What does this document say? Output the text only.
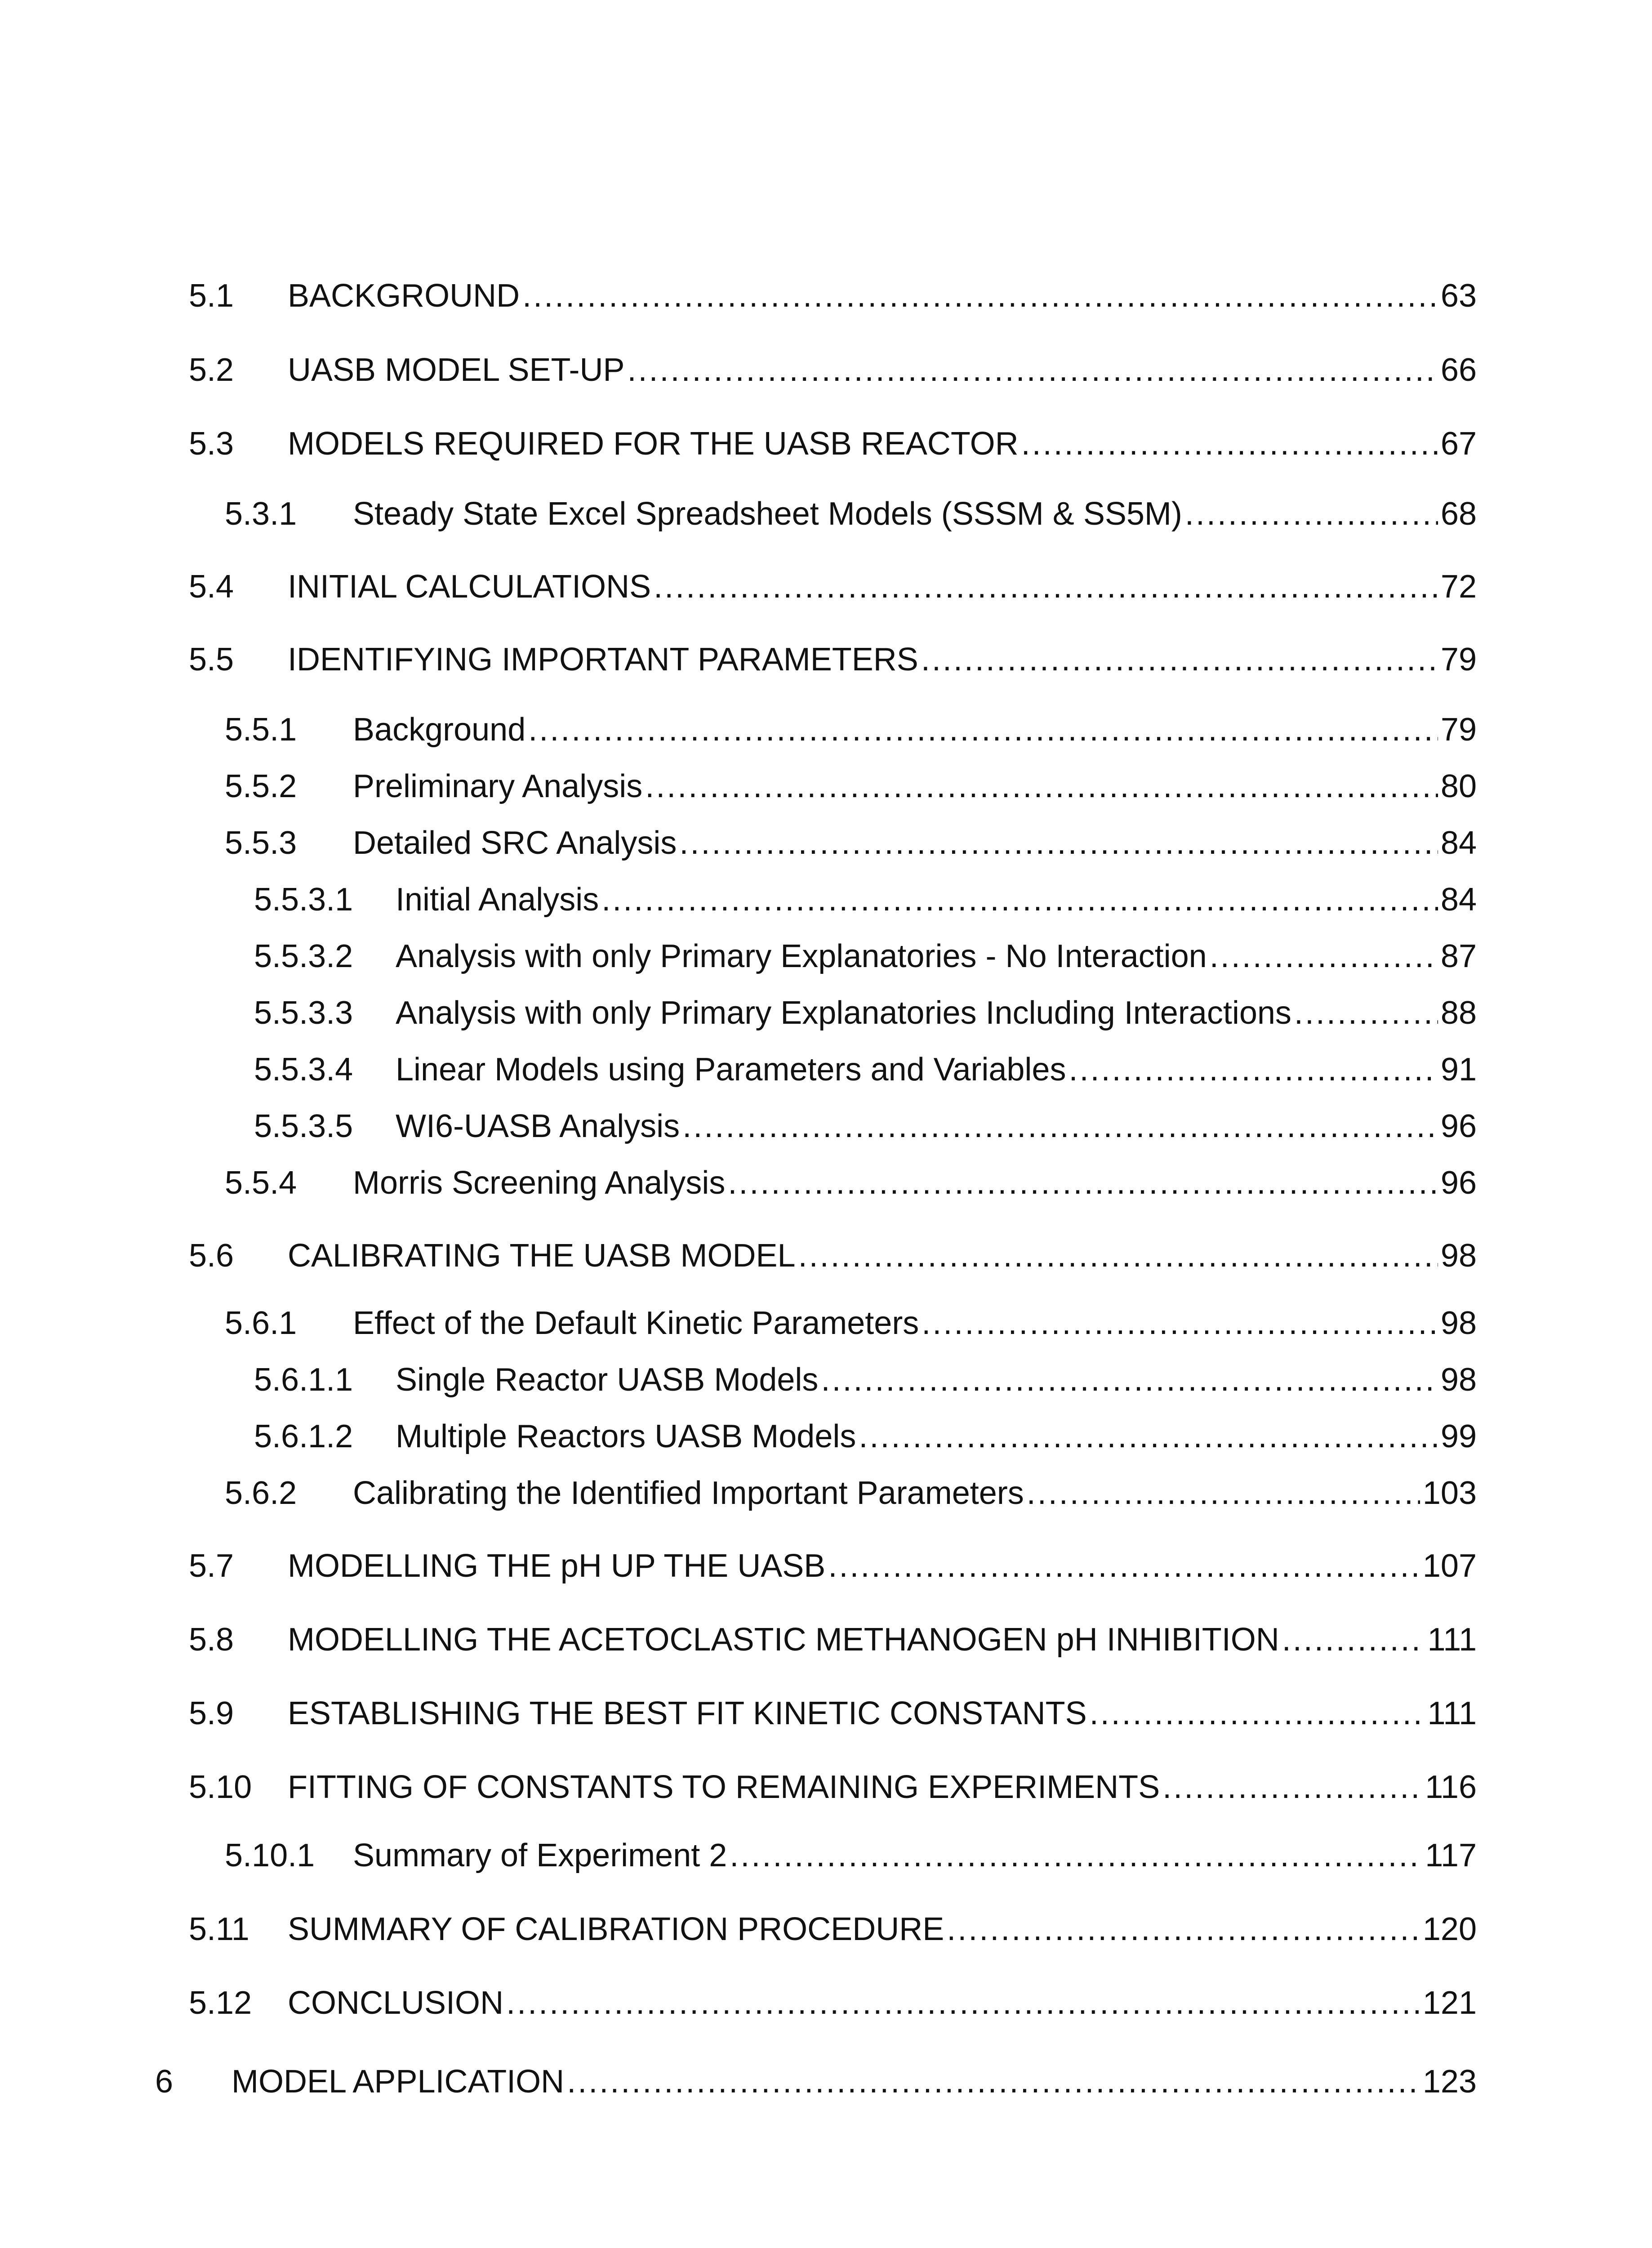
5.1 BACKGROUND .....	63
5.2 UASB MODEL SET-UP .....	66
5.3 MODELS REQUIRED FOR THE UASB REACTOR .....	67
5.3.1 Steady State Excel Spreadsheet Models (SSSM & SS5M) .....	68
5.4 INITIAL CALCULATIONS .....	72
5.5 IDENTIFYING IMPORTANT PARAMETERS .....	79
5.5.1 Background .....	79
5.5.2 Preliminary Analysis .....	80
5.5.3 Detailed SRC Analysis .....	84
5.5.3.1 Initial Analysis .....	84
5.5.3.2 Analysis with only Primary Explanatories - No Interaction .....	87
5.5.3.3 Analysis with only Primary Explanatories Including Interactions .....	88
5.5.3.4 Linear Models using Parameters and Variables .....	91
5.5.3.5 WI6-UASB Analysis .....	96
5.5.4 Morris Screening Analysis .....	96
5.6 CALIBRATING THE UASB MODEL .....	98
5.6.1 Effect of the Default Kinetic Parameters .....	98
5.6.1.1 Single Reactor UASB Models .....	98
5.6.1.2 Multiple Reactors UASB Models .....	99
5.6.2 Calibrating the Identified Important Parameters .....	103
5.7 MODELLING THE pH UP THE UASB .....	107
5.8 MODELLING THE ACETOCLASTIC METHANOGEN pH INHIBITION .....	111
5.9 ESTABLISHING THE BEST FIT KINETIC CONSTANTS .....	111
5.10 FITTING OF CONSTANTS TO REMAINING EXPERIMENTS .....	116
5.10.1 Summary of Experiment 2 .....	117
5.11 SUMMARY OF CALIBRATION PROCEDURE .....	120
5.12 CONCLUSION .....	121
6 MODEL APPLICATION .....	123
